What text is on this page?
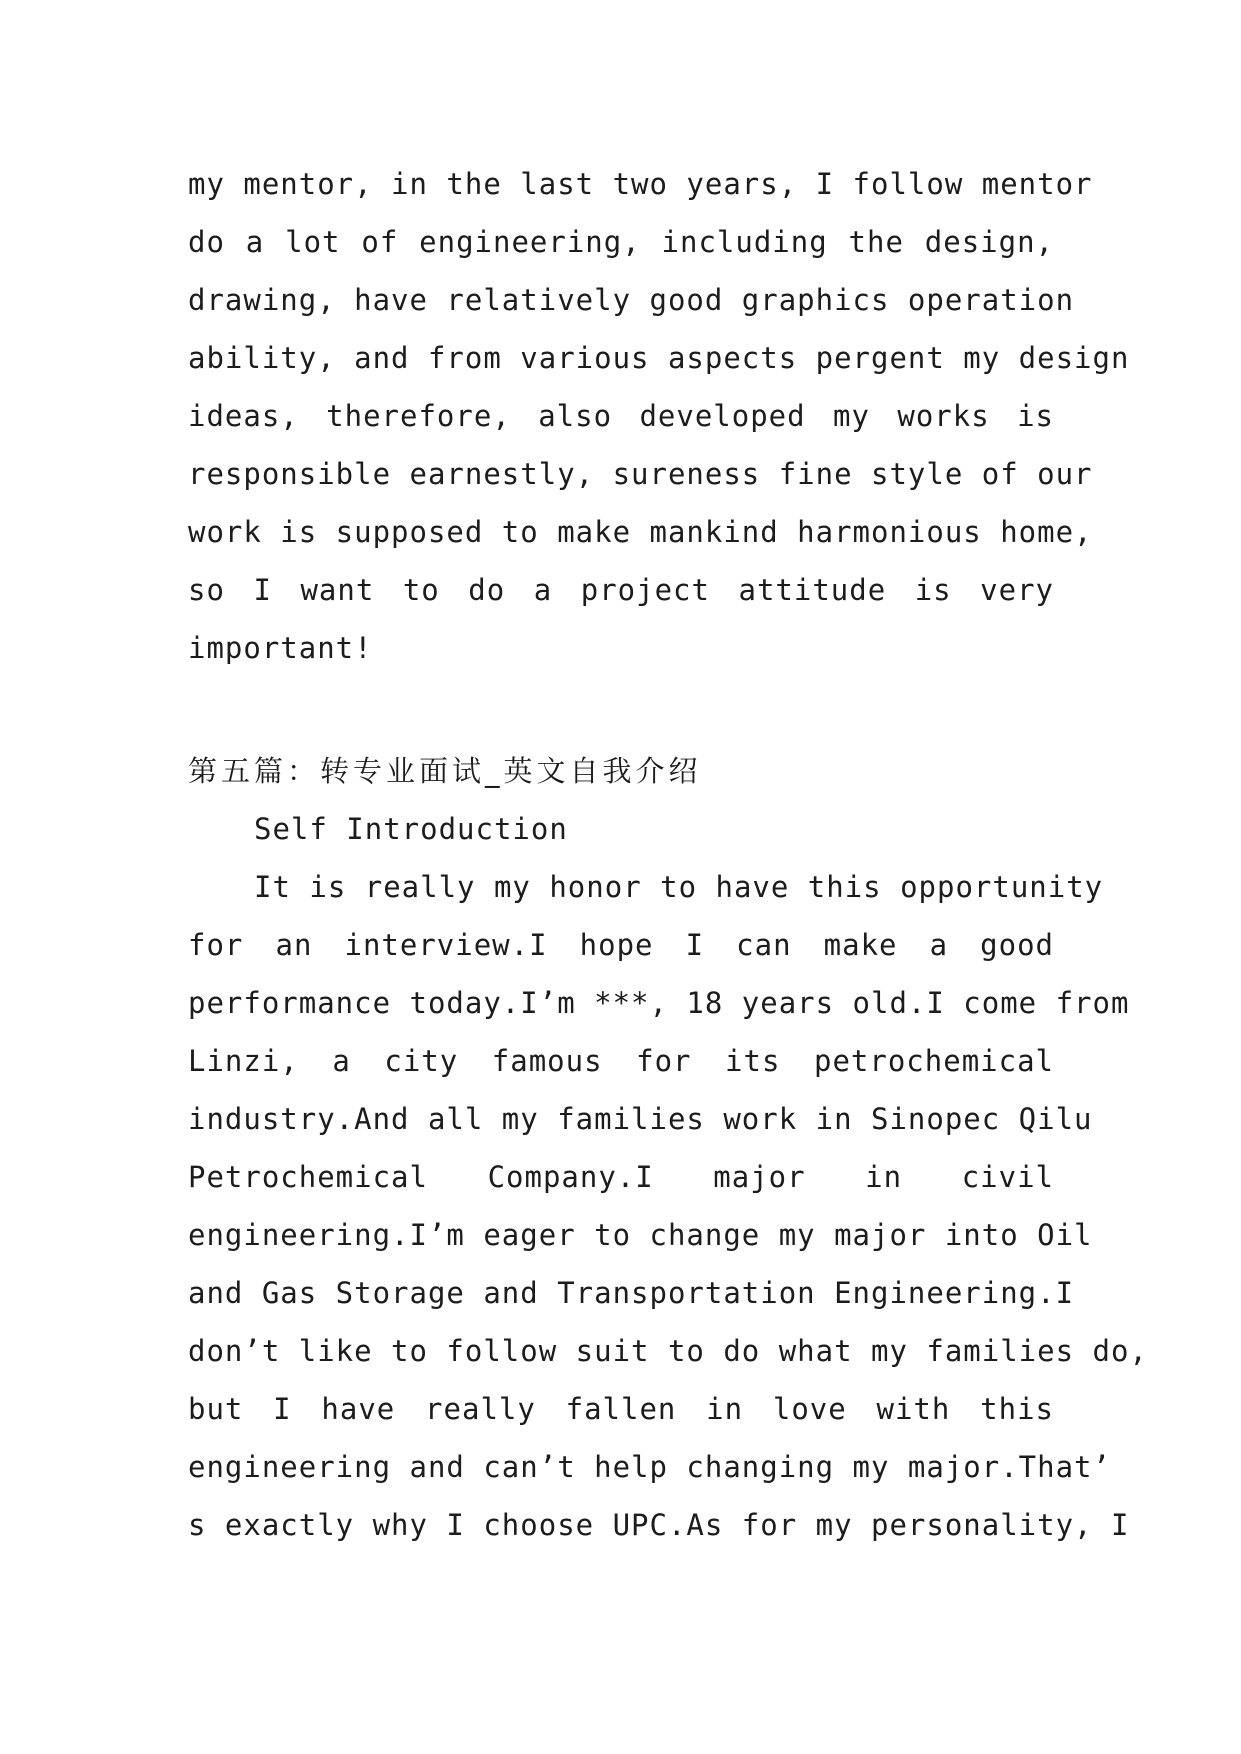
my mentor, in the last two years, I follow mentor
do a lot of engineering, including the design,
drawing, have relatively good graphics operation
ability, and from various aspects pergent my design
ideas, therefore, also developed my works is
responsible earnestly, sureness fine style of our
work is supposed to make mankind harmonious home,
so I want to do a project attitude is very
important!
第五篇：转专业面试_英文自我介绍
Self Introduction
It is really my honor to have this opportunity
for an interview.I hope I can make a good
performance today.I’m ***, 18 years old.I come from
Linzi, a city famous for its petrochemical
industry.And all my families work in Sinopec Qilu
Petrochemical Company.I major in civil
engineering.I’m eager to change my major into Oil
and Gas Storage and Transportation Engineering.I
don’t like to follow suit to do what my families do,
but I have really fallen in love with this
engineering and can’t help changing my major.That’
s exactly why I choose UPC.As for my personality, I
